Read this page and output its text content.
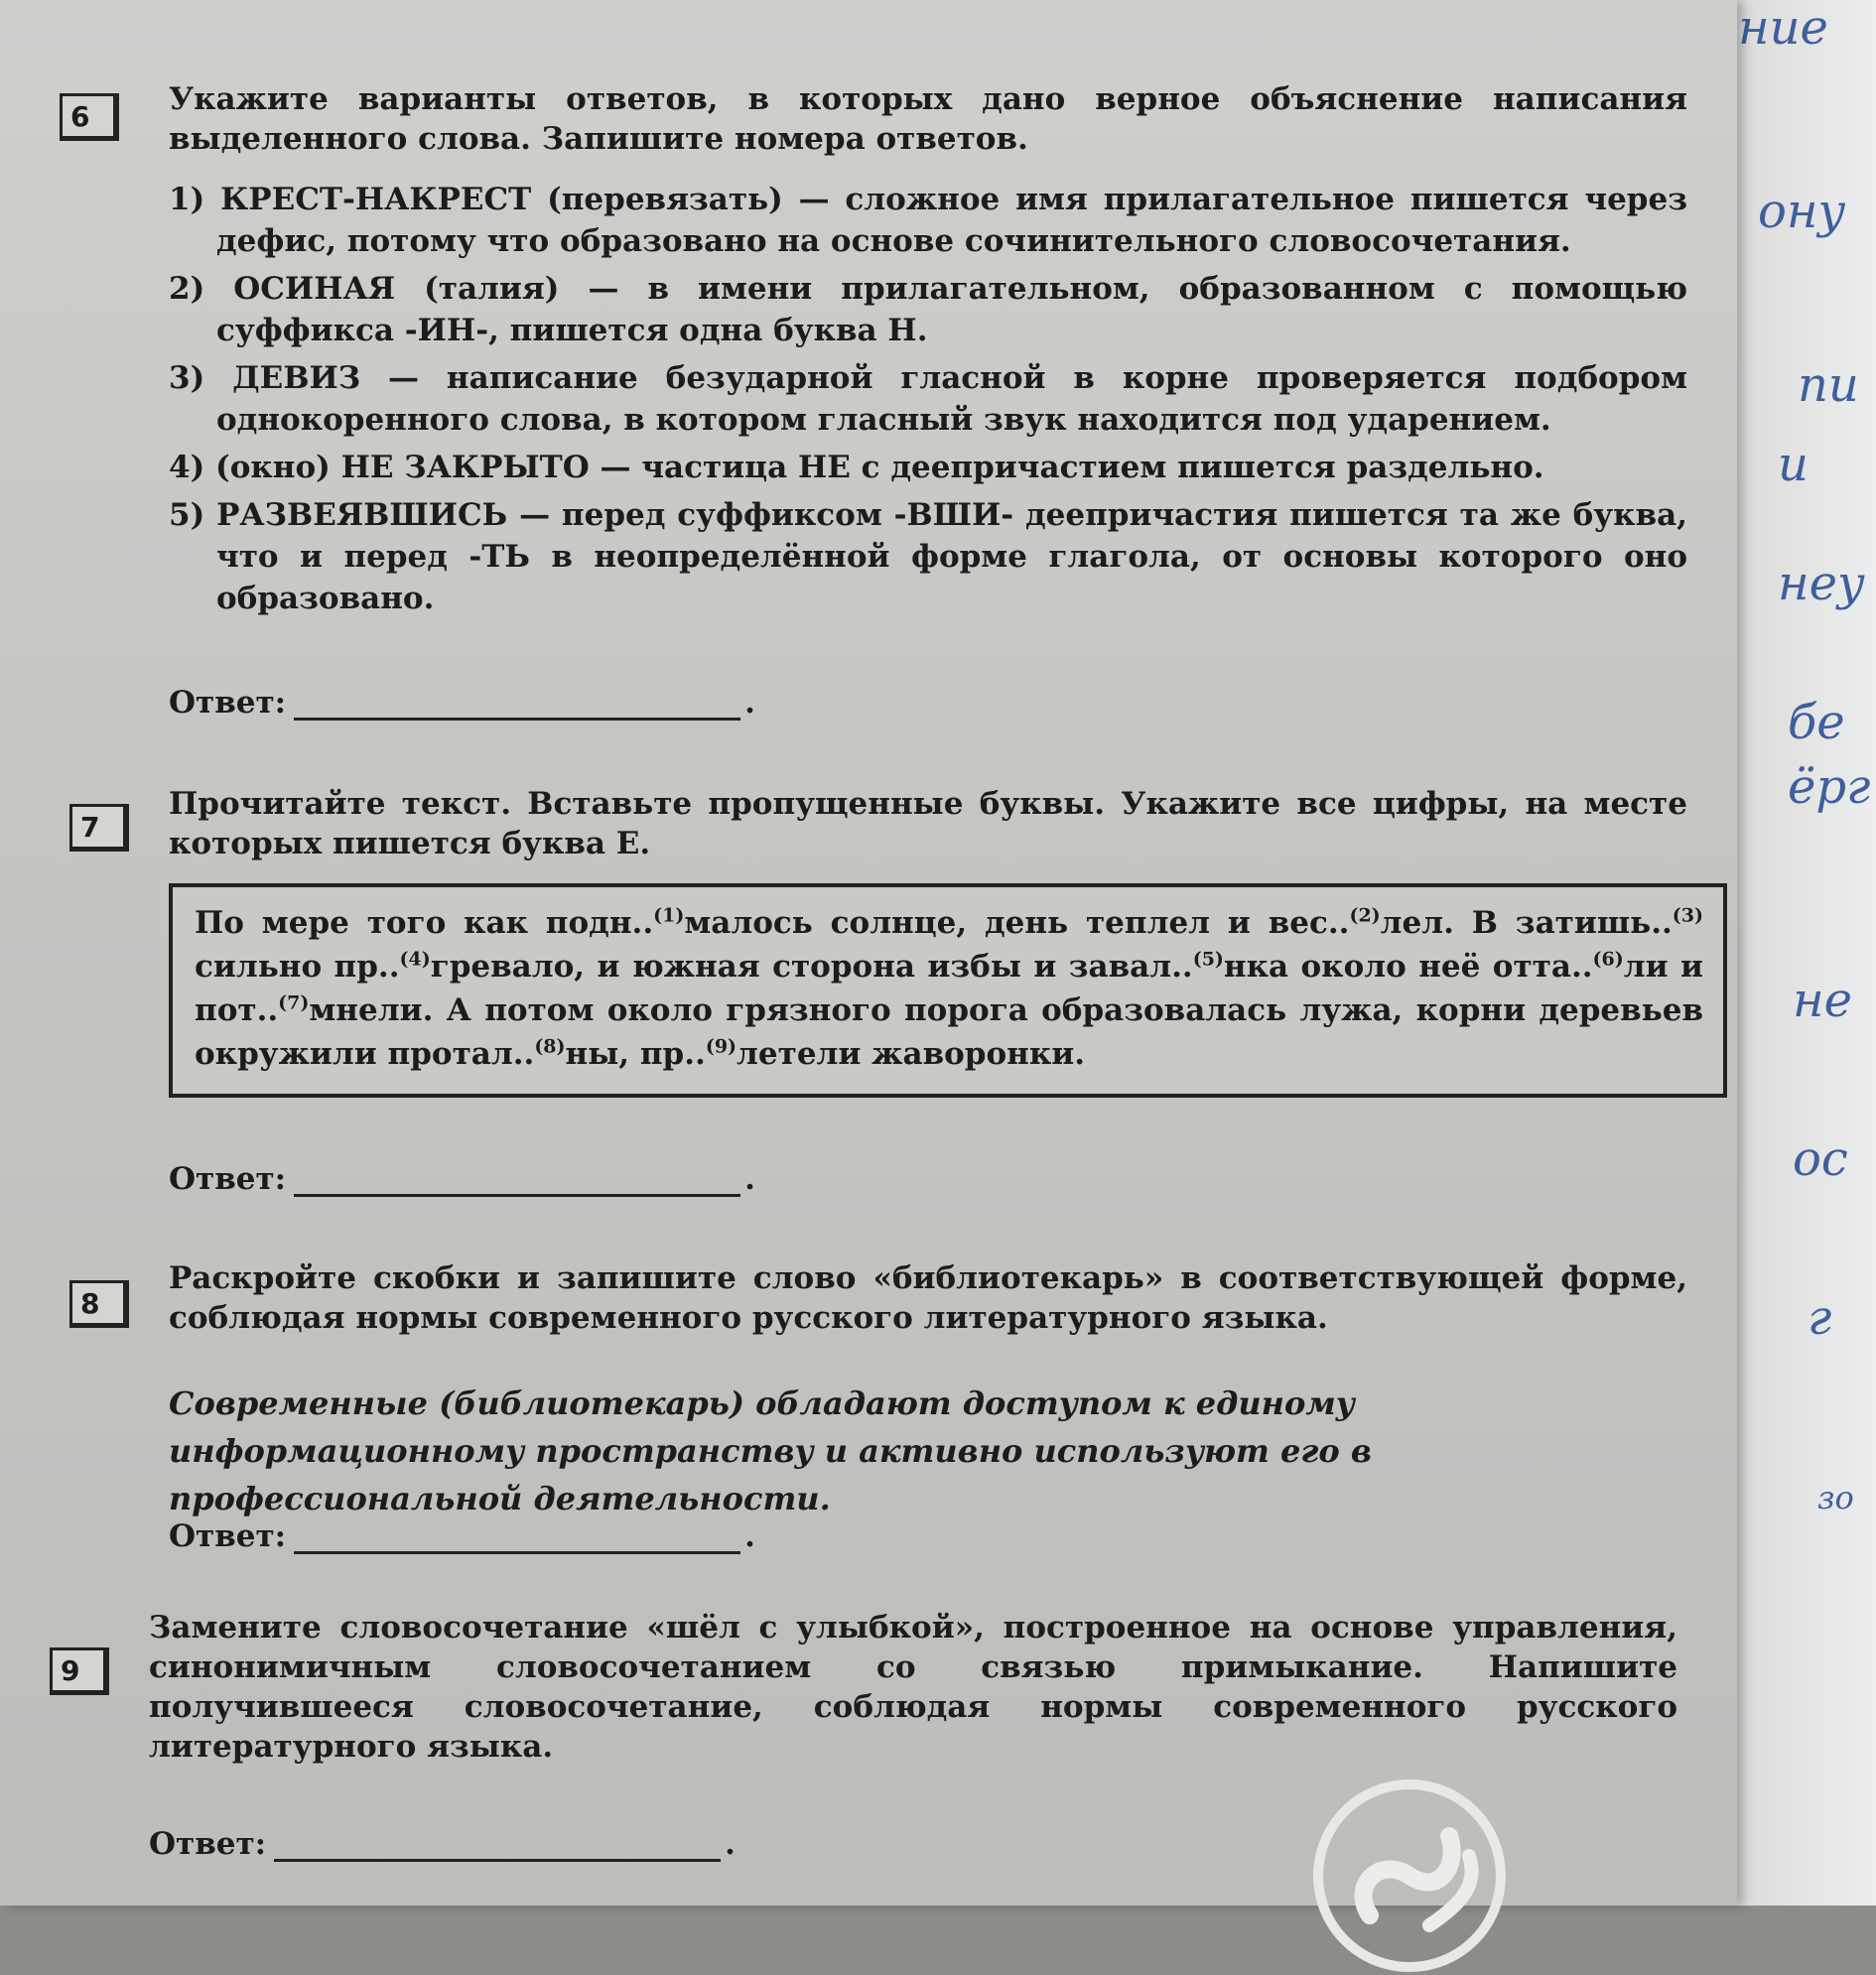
ние
ону
пи
и
неу
бе
ёрг
не
ос
г
зо
6	Укажите варианты ответов, в которых дано верное объяснение написания выделенного слова. Запишите номера ответов.
1) КРЕСТ-НАКРЕСТ (перевязать) — сложное имя прилагательное пишется через дефис, потому что образовано на основе сочинительного словосочетания.
2) ОСИНАЯ (талия) — в имени прилагательном, образованном с помощью суффикса -ИН-, пишется одна буква Н.
3) ДЕВИЗ — написание безударной гласной в корне проверяется подбором однокоренного слова, в котором гласный звук находится под ударением.
4) (окно) НЕ ЗАКРЫТО — частица НЕ с деепричастием пишется раздельно.
5) РАЗВЕЯВШИСЬ — перед суффиксом -ВШИ- деепричастия пишется та же буква, что и перед -ТЬ в неопределённой форме глагола, от основы которого оно образовано.
Ответ:	.
7
Прочитайте текст. Вставьте пропущенные буквы. Укажите все цифры, на месте которых пишется буква Е.
По мере того как подн..$^{(1)}$малось солнце, день теплел и вес..$^{(2)}$лел. В затишь..$^{(3)}$ сильно пр..$^{(4)}$гревало, и южная сторона избы и завал..$^{(5)}$нка около неё отта..$^{(6)}$ли и пот..$^{(7)}$мнели. А потом около грязного порога образовалась лужа, корни деревьев окружили протал..$^{(8)}$ны, пр..$^{(9)}$летели жаворонки.
Ответ:	.
8
Раскройте скобки и запишите слово «библиотекарь» в соответствующей форме, соблюдая нормы современного русского литературного языка.
Современные (библиотекарь) обладают доступом к единому информационному пространству и активно используют его в профессиональной деятельности.
Ответ:	.
9
Замените словосочетание «шёл с улыбкой», построенное на основе управления, синонимичным словосочетанием со связью примыкание. Напишите получившееся словосочетание, соблюдая нормы современного русского литературного языка.
Ответ:	.
